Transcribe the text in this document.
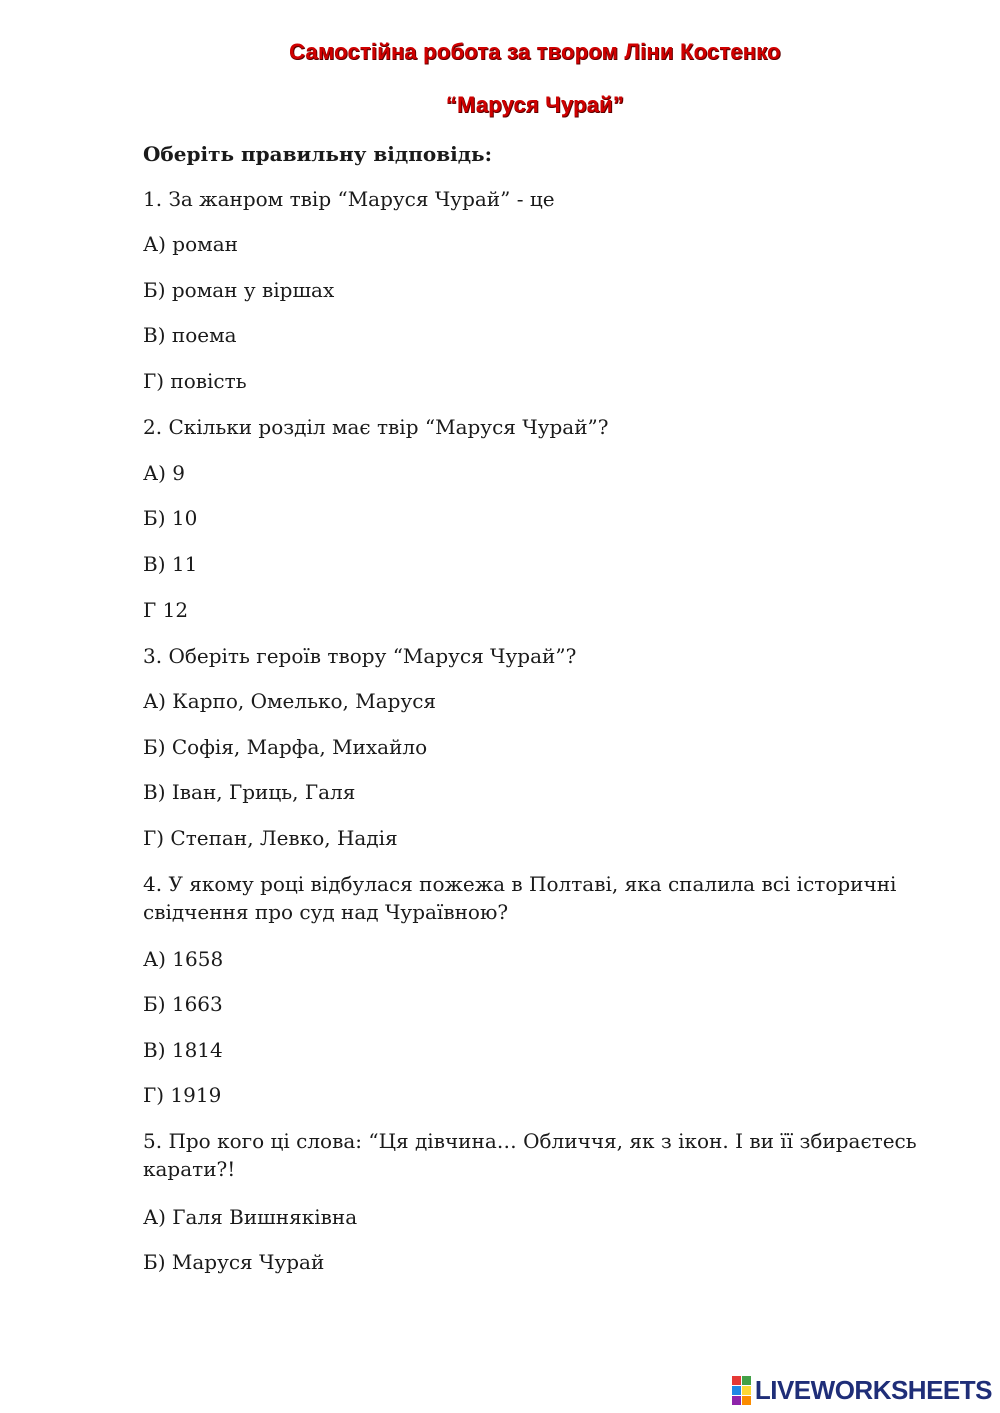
Самостійна робота за твором Ліни Костенко
“Маруся Чурай”
Оберіть правильну відповідь:
1. За жанром твір “Маруся Чурай” - це
А) роман
Б) роман у віршах
В) поема
Г) повість
2. Скільки розділ має твір “Маруся Чурай”?
А) 9
Б) 10
В) 11
Г 12
3. Оберіть героїв твору “Маруся Чурай”?
А) Карпо, Омелько, Маруся
Б) Софія, Марфа, Михайло
В) Іван, Гриць, Галя
Г) Степан, Левко, Надія
4. У якому році відбулася пожежа в Полтаві, яка спалила всі історичні свідчення про суд над Чураївною?
А) 1658
Б) 1663
В) 1814
Г) 1919
5. Про кого ці слова: “Ця дівчина… Обличчя, як з ікон. І ви її збираєтесь карати?!
А) Галя Вишняківна
Б) Маруся Чурай
LIVEWORKSHEETS
